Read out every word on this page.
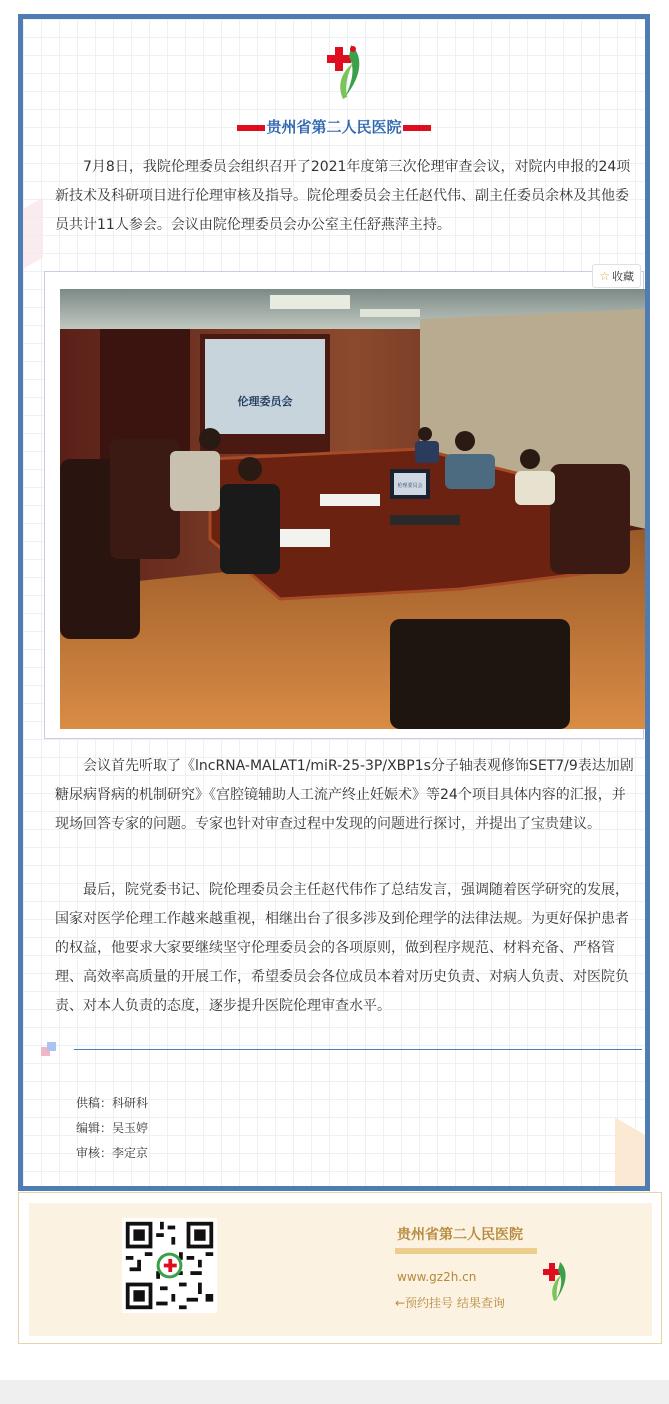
贵州省第二人民医院
7月8日，我院伦理委员会组织召开了2021年度第三次伦理审查会议，对院内申报的24项新技术及科研项目进行伦理审核及指导。院伦理委员会主任赵代伟、副主任委员余林及其他委员共计11人参会。会议由院伦理委员会办公室主任舒燕萍主持。
☆ 收藏
伦理委员会
伦理委员会
会议首先听取了《lncRNA-MALAT1/miR-25-3P/XBP1s分子轴表观修饰SET7/9表达加剧糖尿病肾病的机制研究》《宫腔镜辅助人工流产终止妊娠术》等24个项目具体内容的汇报，并现场回答专家的问题。专家也针对审查过程中发现的问题进行探讨，并提出了宝贵建议。
最后，院党委书记、院伦理委员会主任赵代伟作了总结发言，强调随着医学研究的发展，国家对医学伦理工作越来越重视，相继出台了很多涉及到伦理学的法律法规。为更好保护患者的权益，他要求大家要继续坚守伦理委员会的各项原则，做到程序规范、材料充备、严格管理、高效率高质量的开展工作，希望委员会各位成员本着对历史负责、对病人负责、对医院负责、对本人负责的态度，逐步提升医院伦理审查水平。
供稿：科研科
编辑：吴玉婷
审核：李定京
贵州省第二人民医院
www.gz2h.cn
←预约挂号 结果查询
